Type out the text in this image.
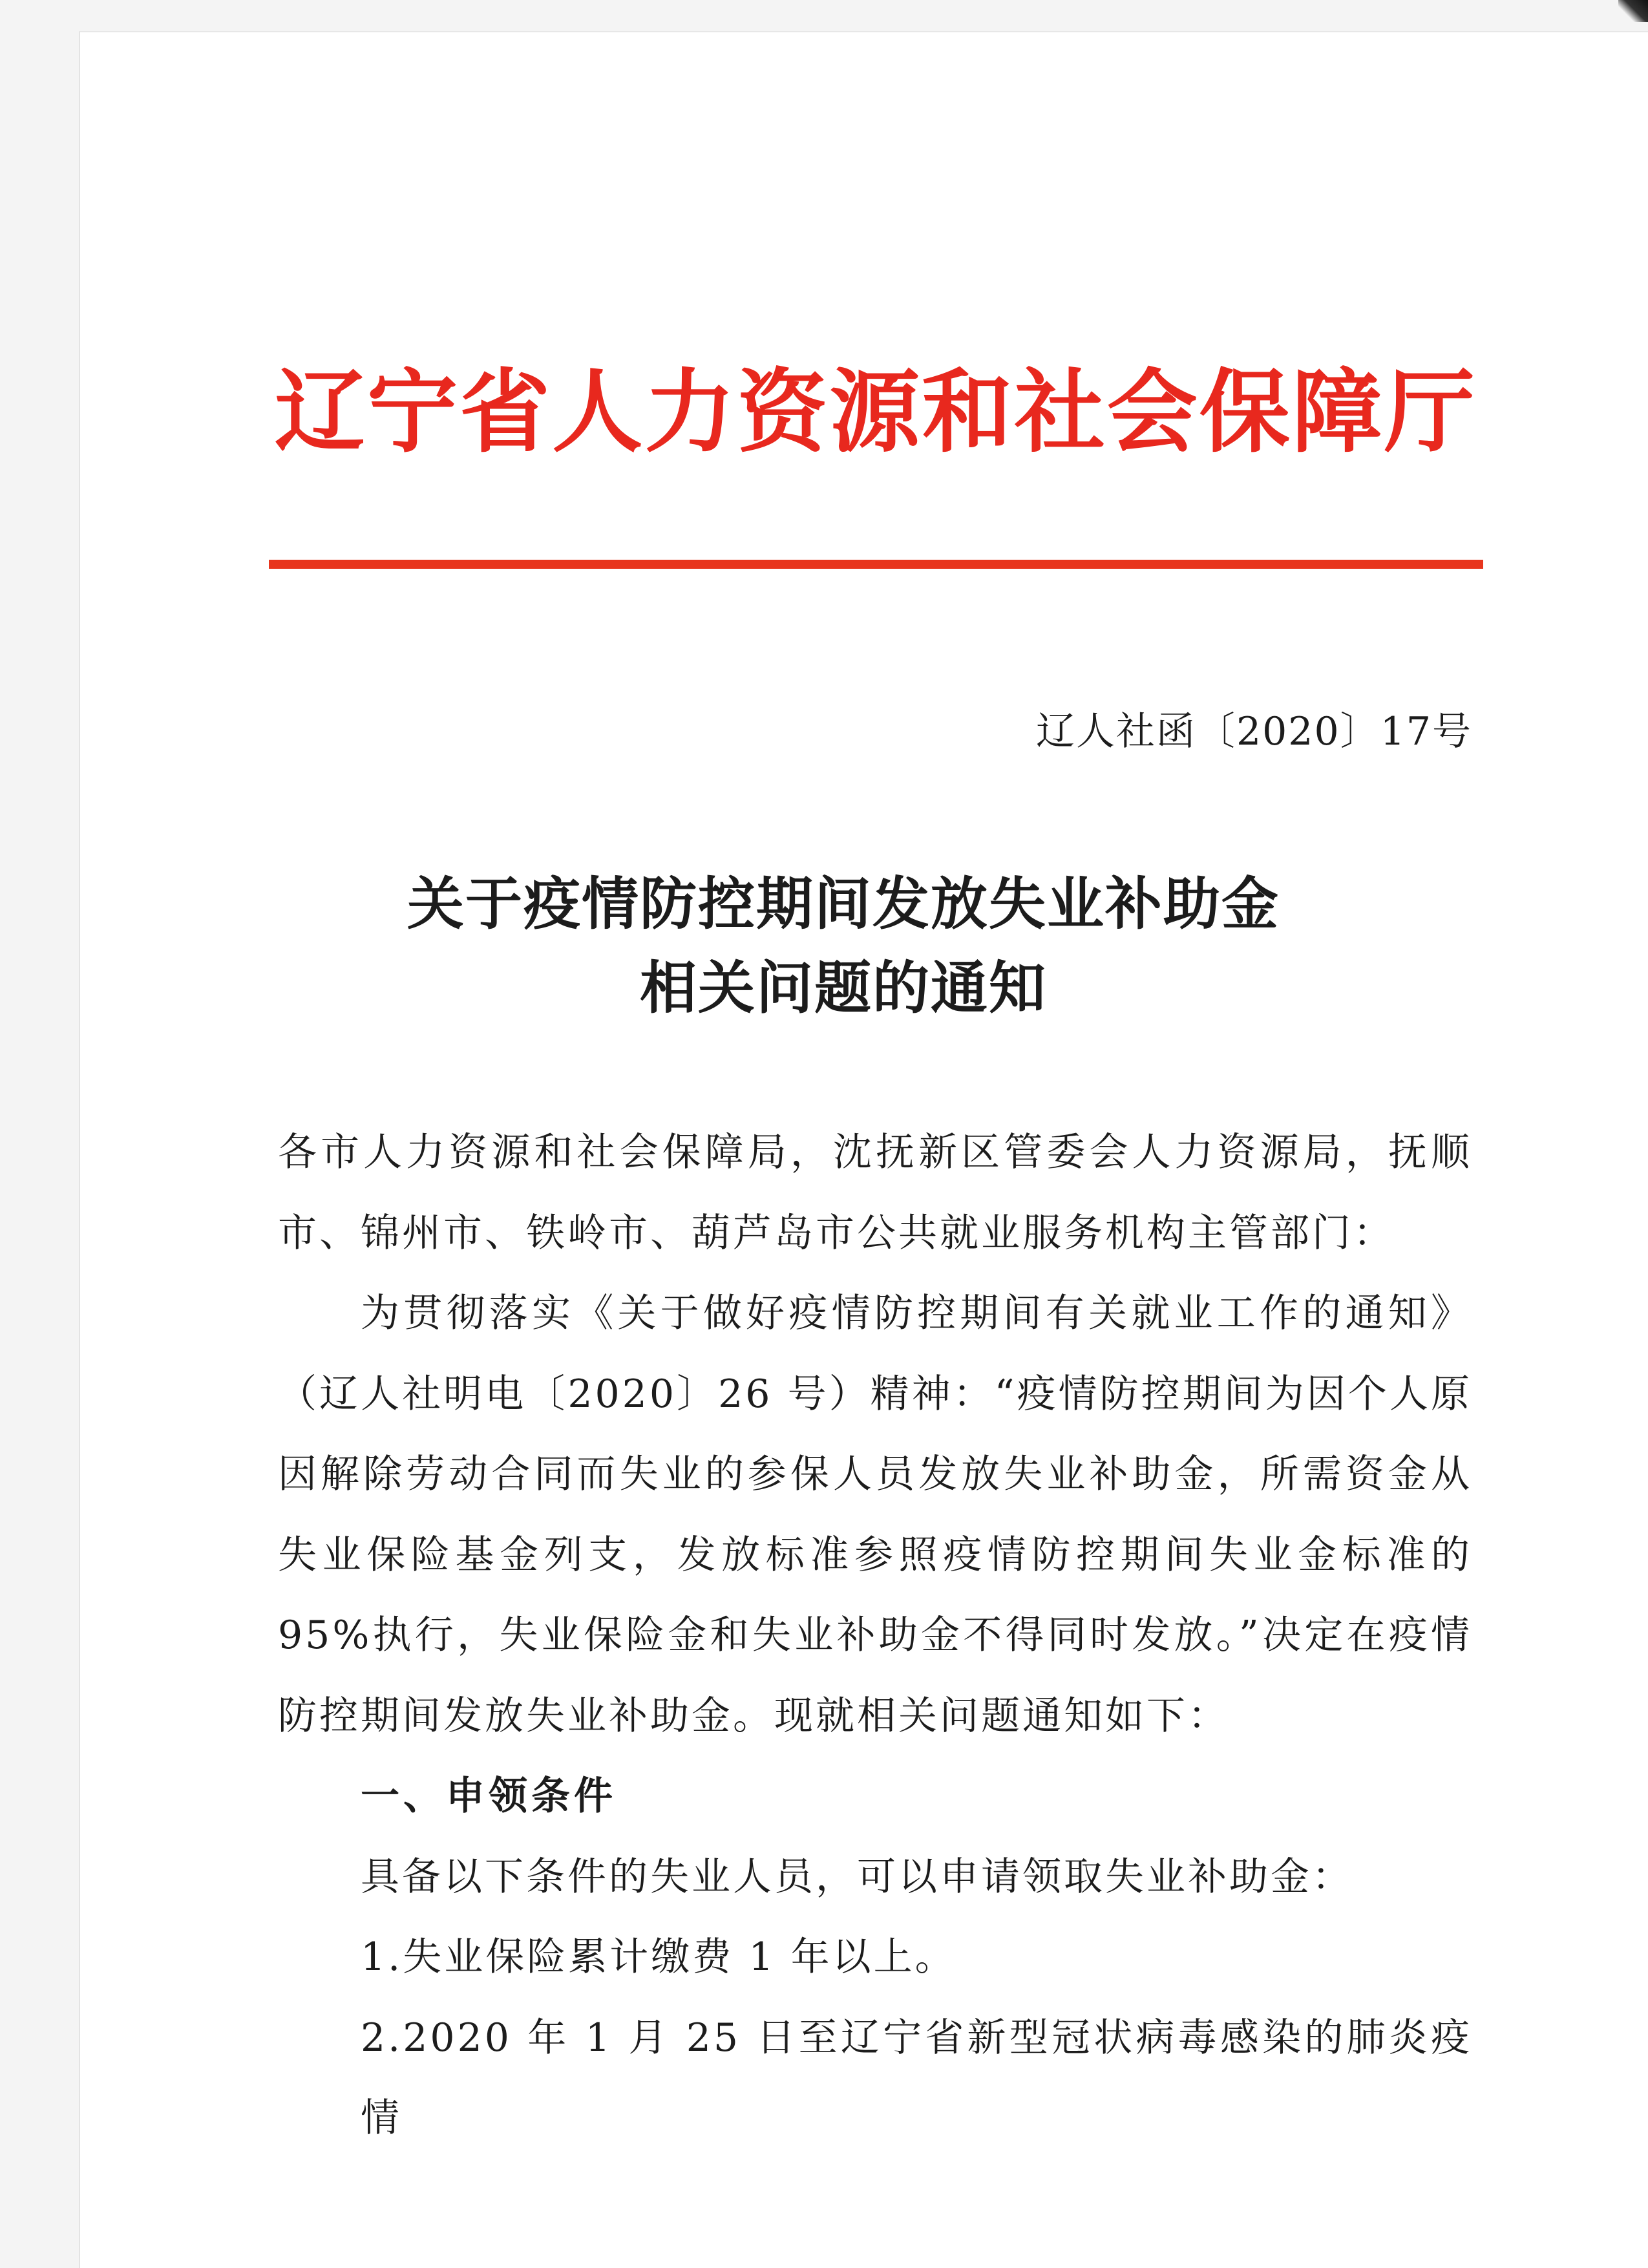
辽宁省人力资源和社会保障厅
辽人社函〔2020〕17号
关于疫情防控期间发放失业补助金
相关问题的通知
各市人力资源和社会保障局，沈抚新区管委会人力资源局，抚顺
市、锦州市、铁岭市、葫芦岛市公共就业服务机构主管部门：
为贯彻落实《关于做好疫情防控期间有关就业工作的通知》
（辽人社明电〔2020〕26 号）精神：“疫情防控期间为因个人原
因解除劳动合同而失业的参保人员发放失业补助金，所需资金从
失业保险基金列支，发放标准参照疫情防控期间失业金标准的
95%执行，失业保险金和失业补助金不得同时发放。”决定在疫情
防控期间发放失业补助金。现就相关问题通知如下：
一、申领条件
具备以下条件的失业人员，可以申请领取失业补助金：
1.失业保险累计缴费 1 年以上。
2.2020 年 1 月 25 日至辽宁省新型冠状病毒感染的肺炎疫情
